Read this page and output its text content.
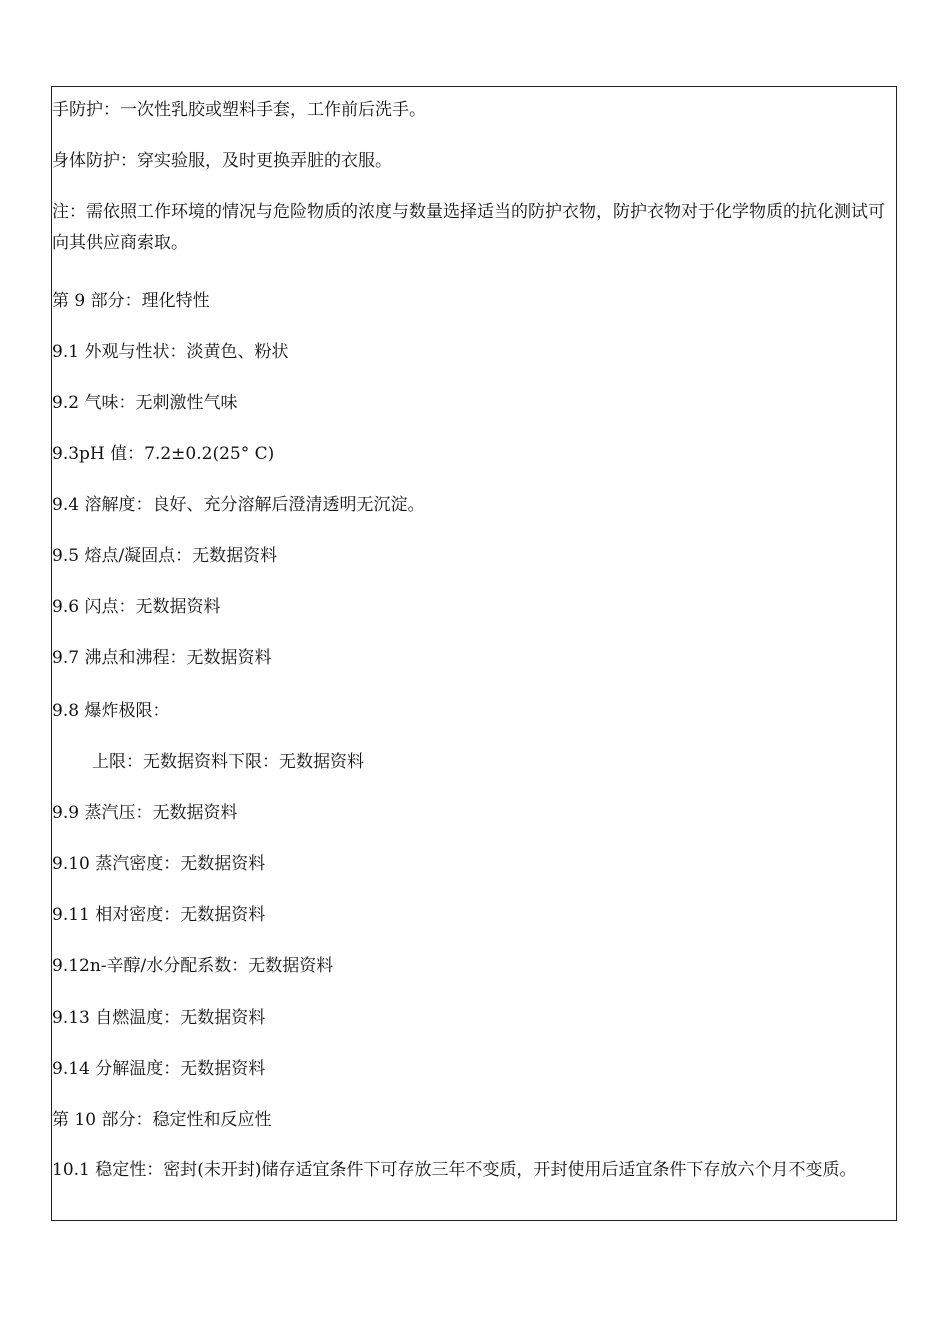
手防护：一次性乳胶或塑料手套，工作前后洗手。
身体防护：穿实验服，及时更换弄脏的衣服。
注：需依照工作环境的情况与危险物质的浓度与数量选择适当的防护衣物，防护衣物对于化学物质的抗化测试可向其供应商索取。
第 9 部分：理化特性
9.1 外观与性状：淡黄色、粉状
9.2 气味：无刺激性气味
9.3pH 值：7.2±0.2(25° C)
9.4 溶解度：良好、充分溶解后澄清透明无沉淀。
9.5 熔点/凝固点：无数据资料
9.6 闪点：无数据资料
9.7 沸点和沸程：无数据资料
9.8 爆炸极限：
上限：无数据资料下限：无数据资料
9.9 蒸汽压：无数据资料
9.10 蒸汽密度：无数据资料
9.11 相对密度：无数据资料
9.12n-辛醇/水分配系数：无数据资料
9.13 自燃温度：无数据资料
9.14 分解温度：无数据资料
第 10 部分：稳定性和反应性
10.1 稳定性：密封(未开封)储存适宜条件下可存放三年不变质，开封使用后适宜条件下存放六个月不变质。
